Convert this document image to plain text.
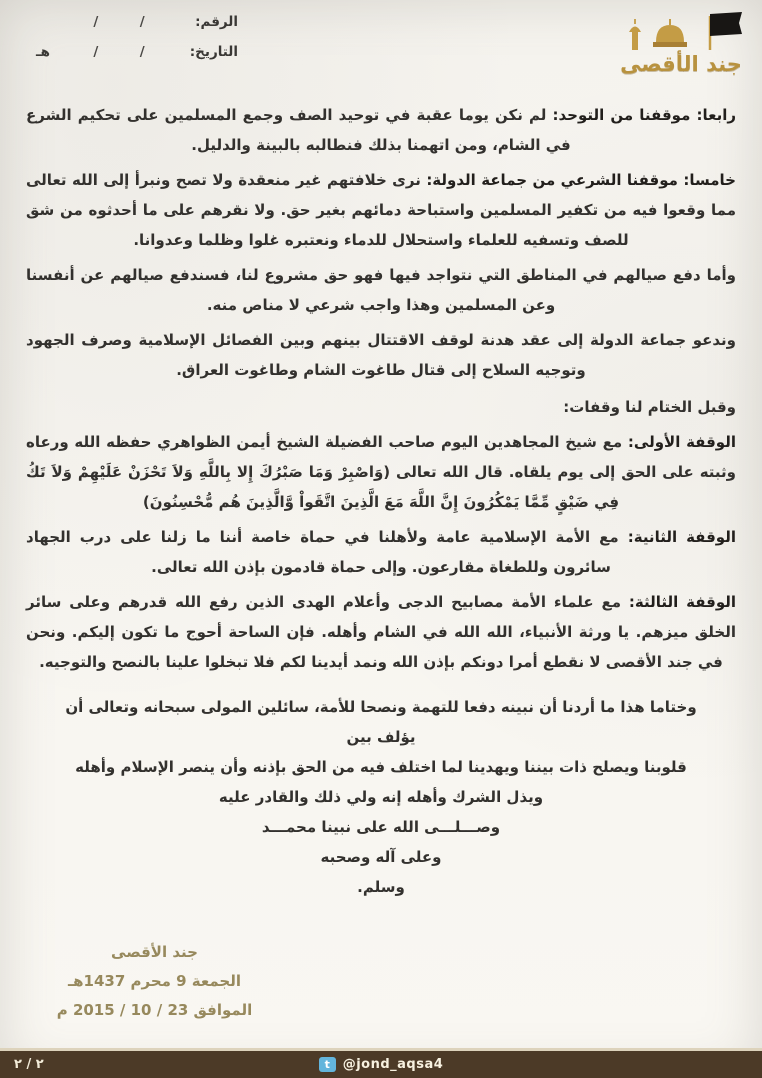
الرقم:
/
/
التاريخ:
/
/
هـ	جند الأقصى

رابعا: موقفنا من التوحد: لم نكن يوما عقبة في توحيد الصف وجمع المسلمين على تحكيم الشرع في الشام، ومن اتهمنا بذلك فنطالبه بالبينة والدليل.

خامسا: موقفنا الشرعي من جماعة الدولة: نرى خلافتهم غير منعقدة ولا تصح ونبرأ إلى الله تعالى مما وقعوا فيه من تكفير المسلمين واستباحة دمائهم بغير حق. ولا نقرهم على ما أحدثوه من شق للصف وتسفيه للعلماء واستحلال للدماء ونعتبره غلوا وظلما وعدوانا.

وأما دفع صيالهم في المناطق التي نتواجد فيها فهو حق مشروع لنا، فسندفع صيالهم عن أنفسنا وعن المسلمين وهذا واجب شرعي لا مناص منه.

وندعو جماعة الدولة إلى عقد هدنة لوقف الاقتتال بينهم وبين الفصائل الإسلامية وصرف الجهود وتوجيه السلاح إلى قتال طاغوت الشام وطاغوت العراق.

وقبل الختام لنا وقفات:

الوقفة الأولى: مع شيخ المجاهدين اليوم صاحب الفضيلة الشيخ أيمن الظواهري حفظه الله ورعاه وثبته على الحق إلى يوم يلقاه. قال الله تعالى (وَاصْبِرْ وَمَا صَبْرُكَ إِلا بِاللَّهِ وَلاَ تَحْزَنْ عَلَيْهِمْ وَلاَ تَكُ فِي ضَيْقٍ مِّمَّا يَمْكُرُونَ إِنَّ اللَّهَ مَعَ الَّذِينَ اتَّقَواْ وَّالَّذِينَ هُم مُّحْسِنُونَ)

الوقفة الثانية: مع الأمة الإسلامية عامة ولأهلنا في حماة خاصة أننا ما زلنا على درب الجهاد سائرون وللطغاة مقارعون. وإلى حماة قادمون بإذن الله تعالى.

الوقفة الثالثة: مع علماء الأمة مصابيح الدجى وأعلام الهدى الذين رفع الله قدرهم وعلى سائر الخلق ميزهم. يا ورثة الأنبياء، الله الله في الشام وأهله. فإن الساحة أحوج ما تكون إليكم. ونحن في جند الأقصى لا نقطع أمرا دونكم بإذن الله ونمد أيدينا لكم فلا تبخلوا علينا بالنصح والتوجيه.

وختاما هذا ما أردنا أن نبينه دفعا للتهمة ونصحا للأمة، سائلين المولى سبحانه وتعالى أن يؤلف بين
قلوبنا ويصلح ذات بيننا ويهدينا لما اختلف فيه من الحق بإذنه وأن ينصر الإسلام وأهله
ويذل الشرك وأهله إنه ولي ذلك والقادر عليه
وصـــلـــى الله على نبينا محمـــد
وعلى آله وصحبه
وسلم.
جند الأقصى
الجمعة 9 محرم 1437هـ
الموافق 23 / 10 / 2015 م
٢ / ٢	t @jond_aqsa4
